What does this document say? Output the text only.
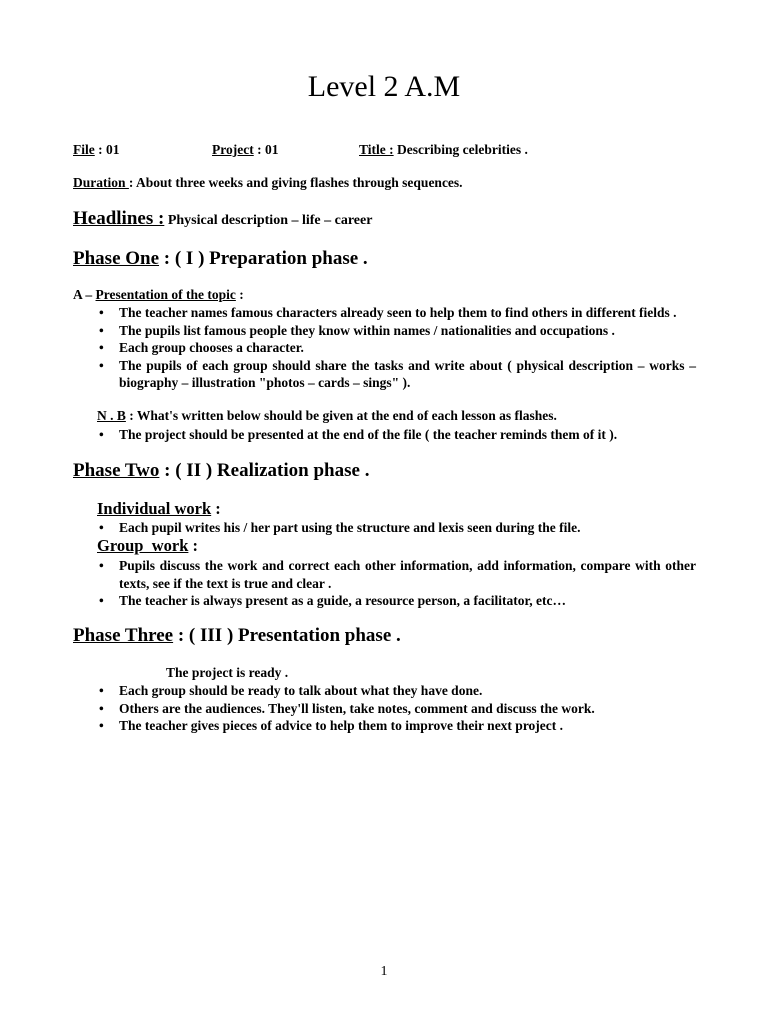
Level 2 A.M
File : 01	Project : 01	Title : Describing celebrities .
Duration : About three weeks and giving flashes through sequences.
Headlines : Physical description – life – career
Phase One : ( I ) Preparation phase .
A – Presentation of the topic :
• The teacher names famous characters already seen to help them to find others in different fields .
• The pupils list famous people they know within names / nationalities and occupations .
• Each group chooses a character.
• The pupils of each group should share the tasks and write about ( physical description – works – biography – illustration "photos – cards – sings" ).
N . B : What's written below should be given at the end of each lesson as flashes.
• The project should be presented at the end of the file ( the teacher reminds them of it ).
Phase Two : ( II ) Realization phase .
Individual work :
• Each pupil writes his / her part using the structure and lexis seen during the file.
Group  work :
• Pupils discuss the work and correct each other information, add information, compare with other texts, see if the text is true and clear .
• The teacher is always present as a guide, a resource person, a facilitator, etc…
Phase Three : ( III ) Presentation phase .
The project is ready .
• Each group should be ready to talk about what they have done.
• Others are the audiences. They'll listen, take notes, comment and discuss the work.
• The teacher gives pieces of advice to help them to improve their next project .
1
